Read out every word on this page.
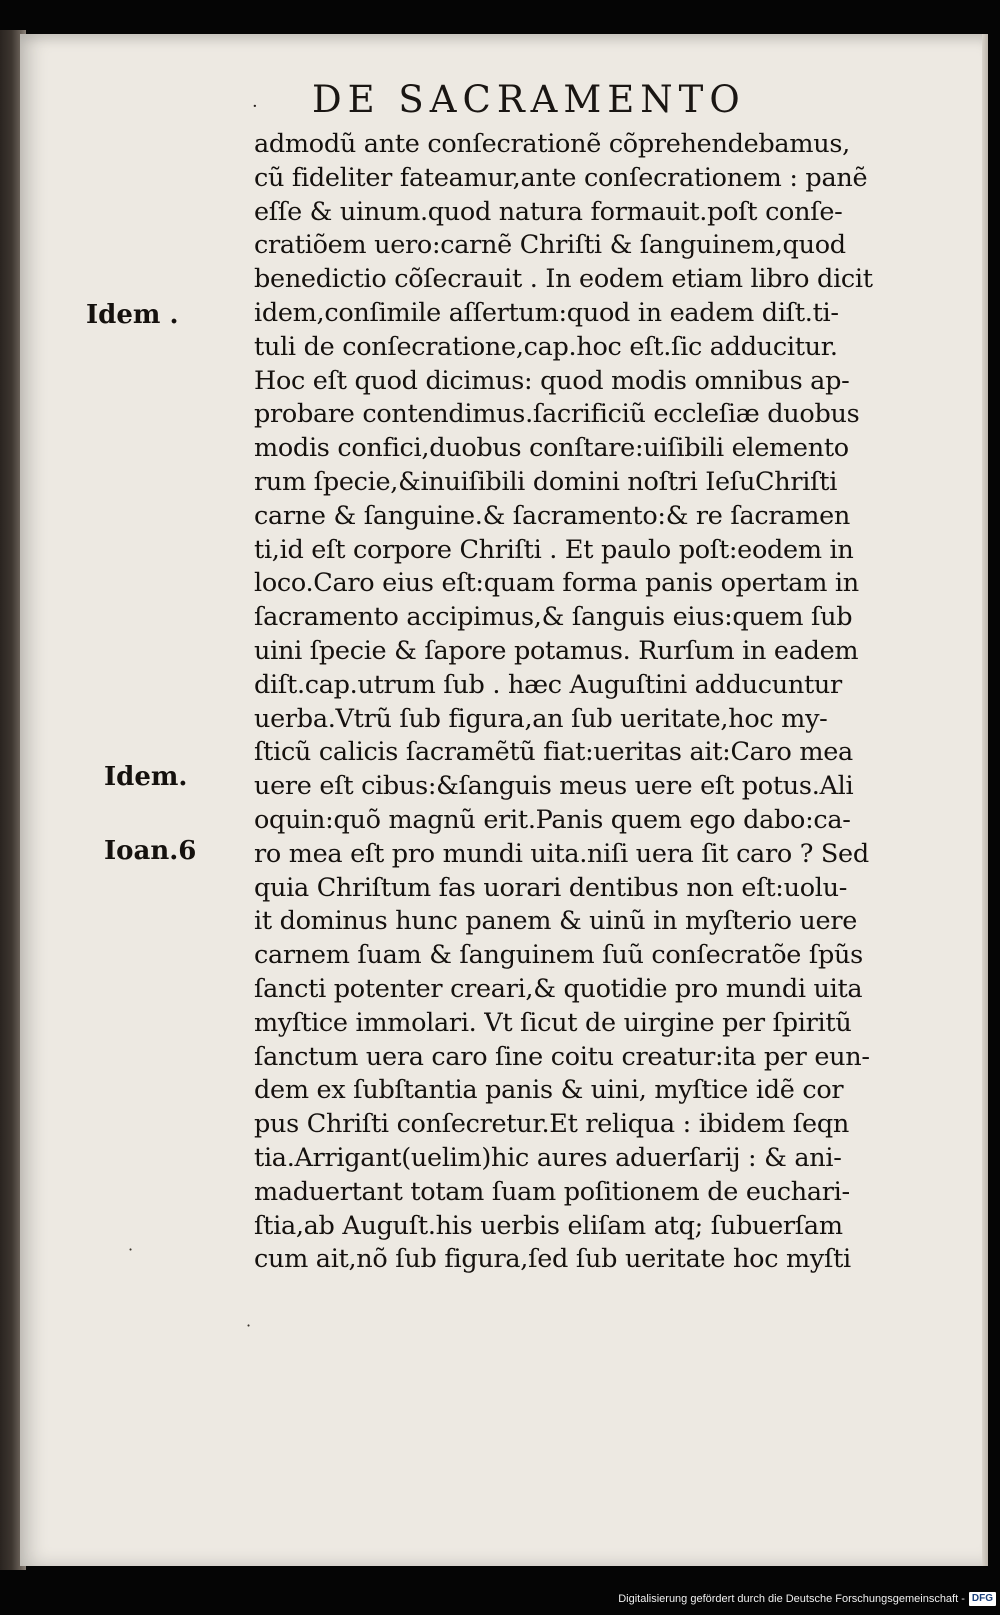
· DE SACRAMENTO
admodũ ante conſecrationẽ cõprehendebamus,
cũ fideliter fateamur,ante conſecrationem : panẽ
eſſe & uinum.quod natura formauit.poſt conſe-
cratiõem uero:carnẽ Chriſti & ſanguinem,quod
benedictio cõſecrauit . In eodem etiam libro dicit
idem,conſimile aſſertum:quod in eadem diſt.ti-
tuli de conſecratione,cap.hoc eſt.ſic adducitur.
Hoc eſt quod dicimus: quod modis omnibus ap-
probare contendimus.ſacrificiũ eccleſiæ duobus
modis confici,duobus conſtare:uiſibili elemento
rum ſpecie,&inuiſibili domini noſtri IeſuChriſti
carne & ſanguine.& ſacramento:& re ſacramen
ti,id eſt corpore Chriſti . Et paulo poſt:eodem in
loco.Caro eius eſt:quam forma panis opertam in
ſacramento accipimus,& ſanguis eius:quem ſub
uini ſpecie & ſapore potamus. Rurſum in eadem
diſt.cap.utrum ſub . hæc Auguſtini adducuntur
uerba.Vtrũ ſub figura,an ſub ueritate,hoc my-
ſticũ calicis ſacramẽtũ fiat:ueritas ait:Caro mea
uere eſt cibus:&ſanguis meus uere eſt potus.Ali
oquin:quõ magnũ erit.Panis quem ego dabo:ca-
ro mea eſt pro mundi uita.niſi uera ſit caro ? Sed
quia Chriſtum fas uorari dentibus non eſt:uolu-
it dominus hunc panem & uinũ in myſterio uere
carnem ſuam & ſanguinem ſuũ conſecratõe ſpũs
ſancti potenter creari,& quotidie pro mundi uita
myſtice immolari. Vt ſicut de uirgine per ſpiritũ
ſanctum uera caro ſine coitu creatur:ita per eun-
dem ex ſubſtantia panis & uini, myſtice idẽ cor
pus Chriſti conſecretur.Et reliqua : ibidem ſeqn
tia.Arrigant(uelim)hic aures aduerſarij : & ani-
maduertant totam ſuam poſitionem de euchari-
ſtia,ab Auguſt.his uerbis eliſam atq; ſubuerſam
cum ait,nõ ſub figura,ſed ſub ueritate hoc myſti
Idem .
Idem.
Ioan.6
·
·
Digitalisierung gefördert durch die Deutsche Forschungsgemeinschaft - DFG
